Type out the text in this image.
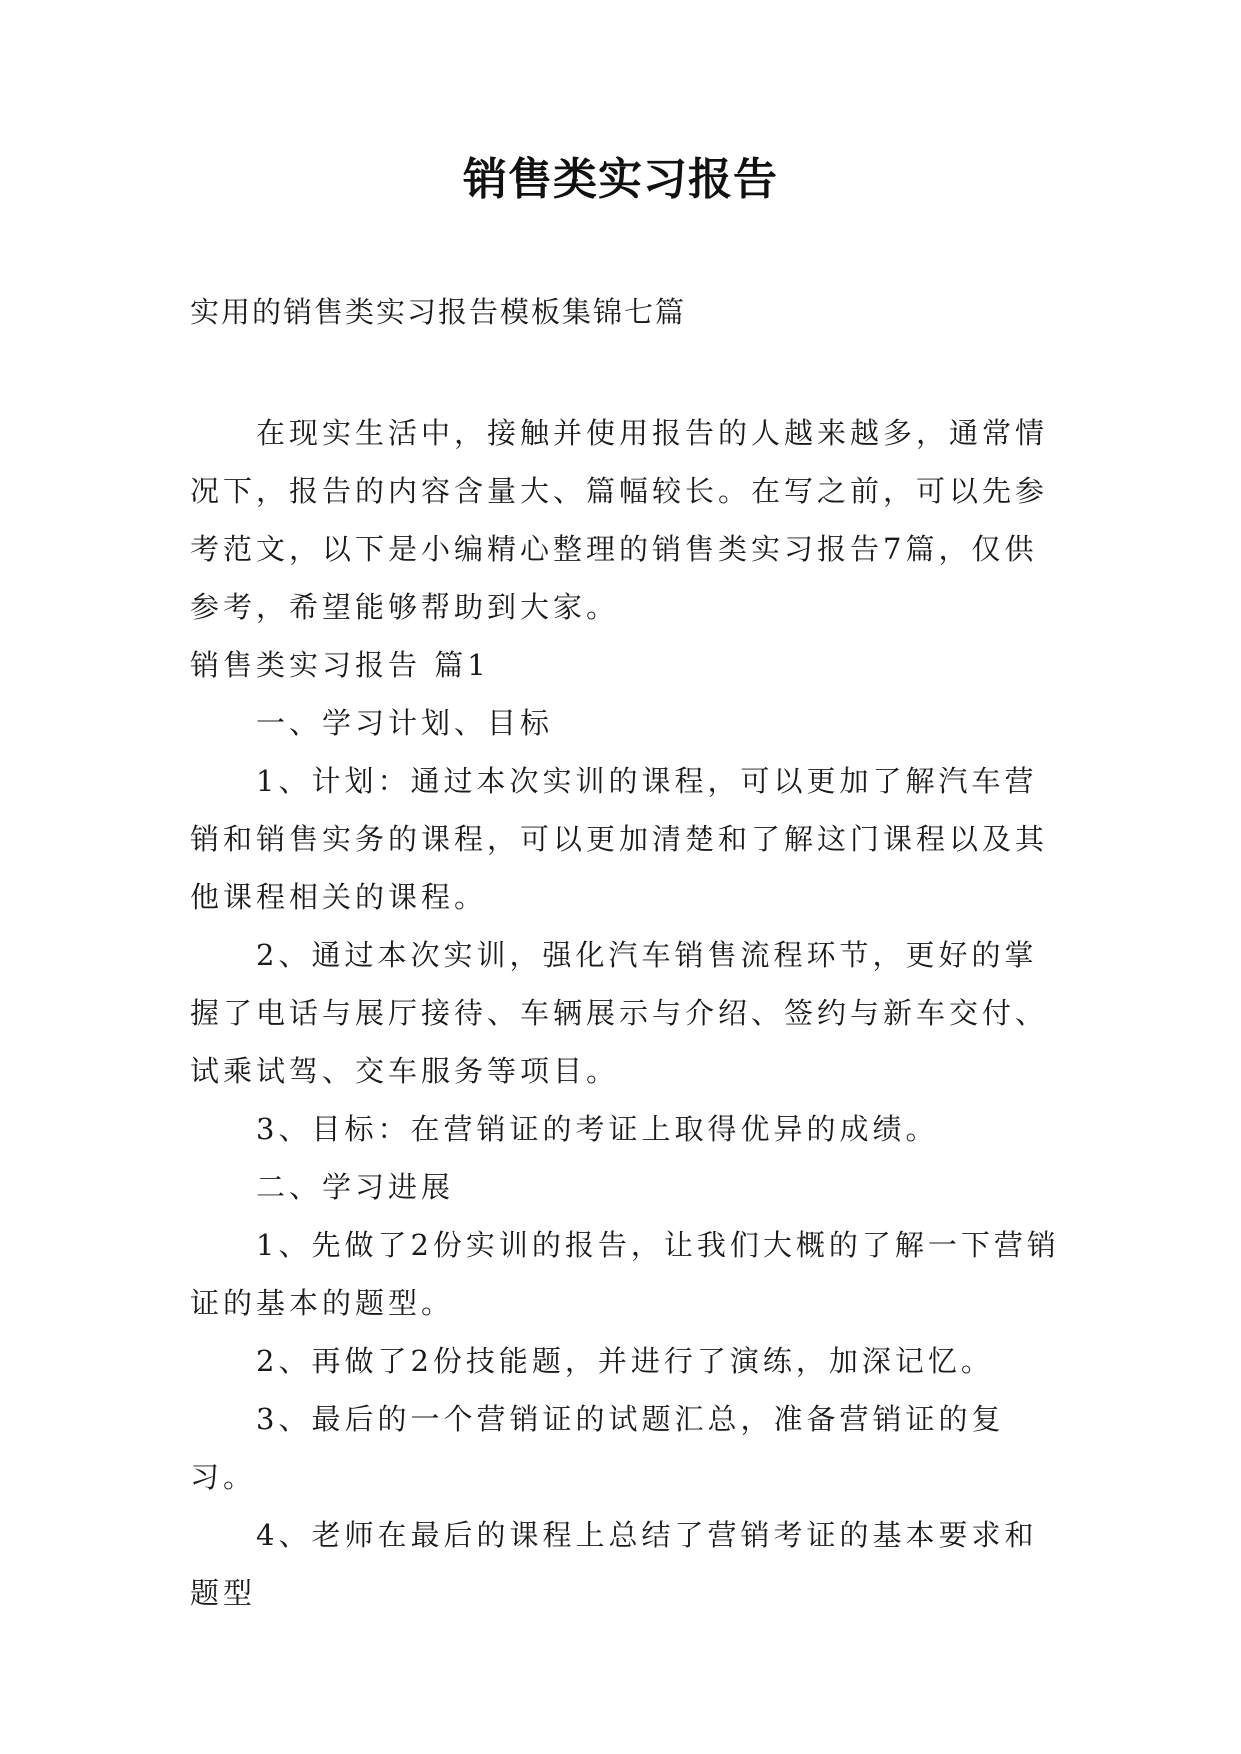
销售类实习报告
实用的销售类实习报告模板集锦七篇

在现实生活中，接触并使用报告的人越来越多，通常情况下，报告的内容含量大、篇幅较长。在写之前，可以先参考范文，以下是小编精心整理的销售类实习报告7篇，仅供参考，希望能够帮助到大家。

销售类实习报告 篇1

一、学习计划、目标

1、计划：通过本次实训的课程，可以更加了解汽车营销和销售实务的课程，可以更加清楚和了解这门课程以及其他课程相关的课程。

2、通过本次实训，强化汽车销售流程环节，更好的掌握了电话与展厅接待、车辆展示与介绍、签约与新车交付、试乘试驾、交车服务等项目。

3、目标：在营销证的考证上取得优异的成绩。

二、学习进展

1、先做了2份实训的报告，让我们大概的了解一下营销证的基本的题型。

2、再做了2份技能题，并进行了演练，加深记忆。

3、最后的一个营销证的试题汇总，准备营销证的复习。

4、老师在最后的课程上总结了营销考证的基本要求和题型
